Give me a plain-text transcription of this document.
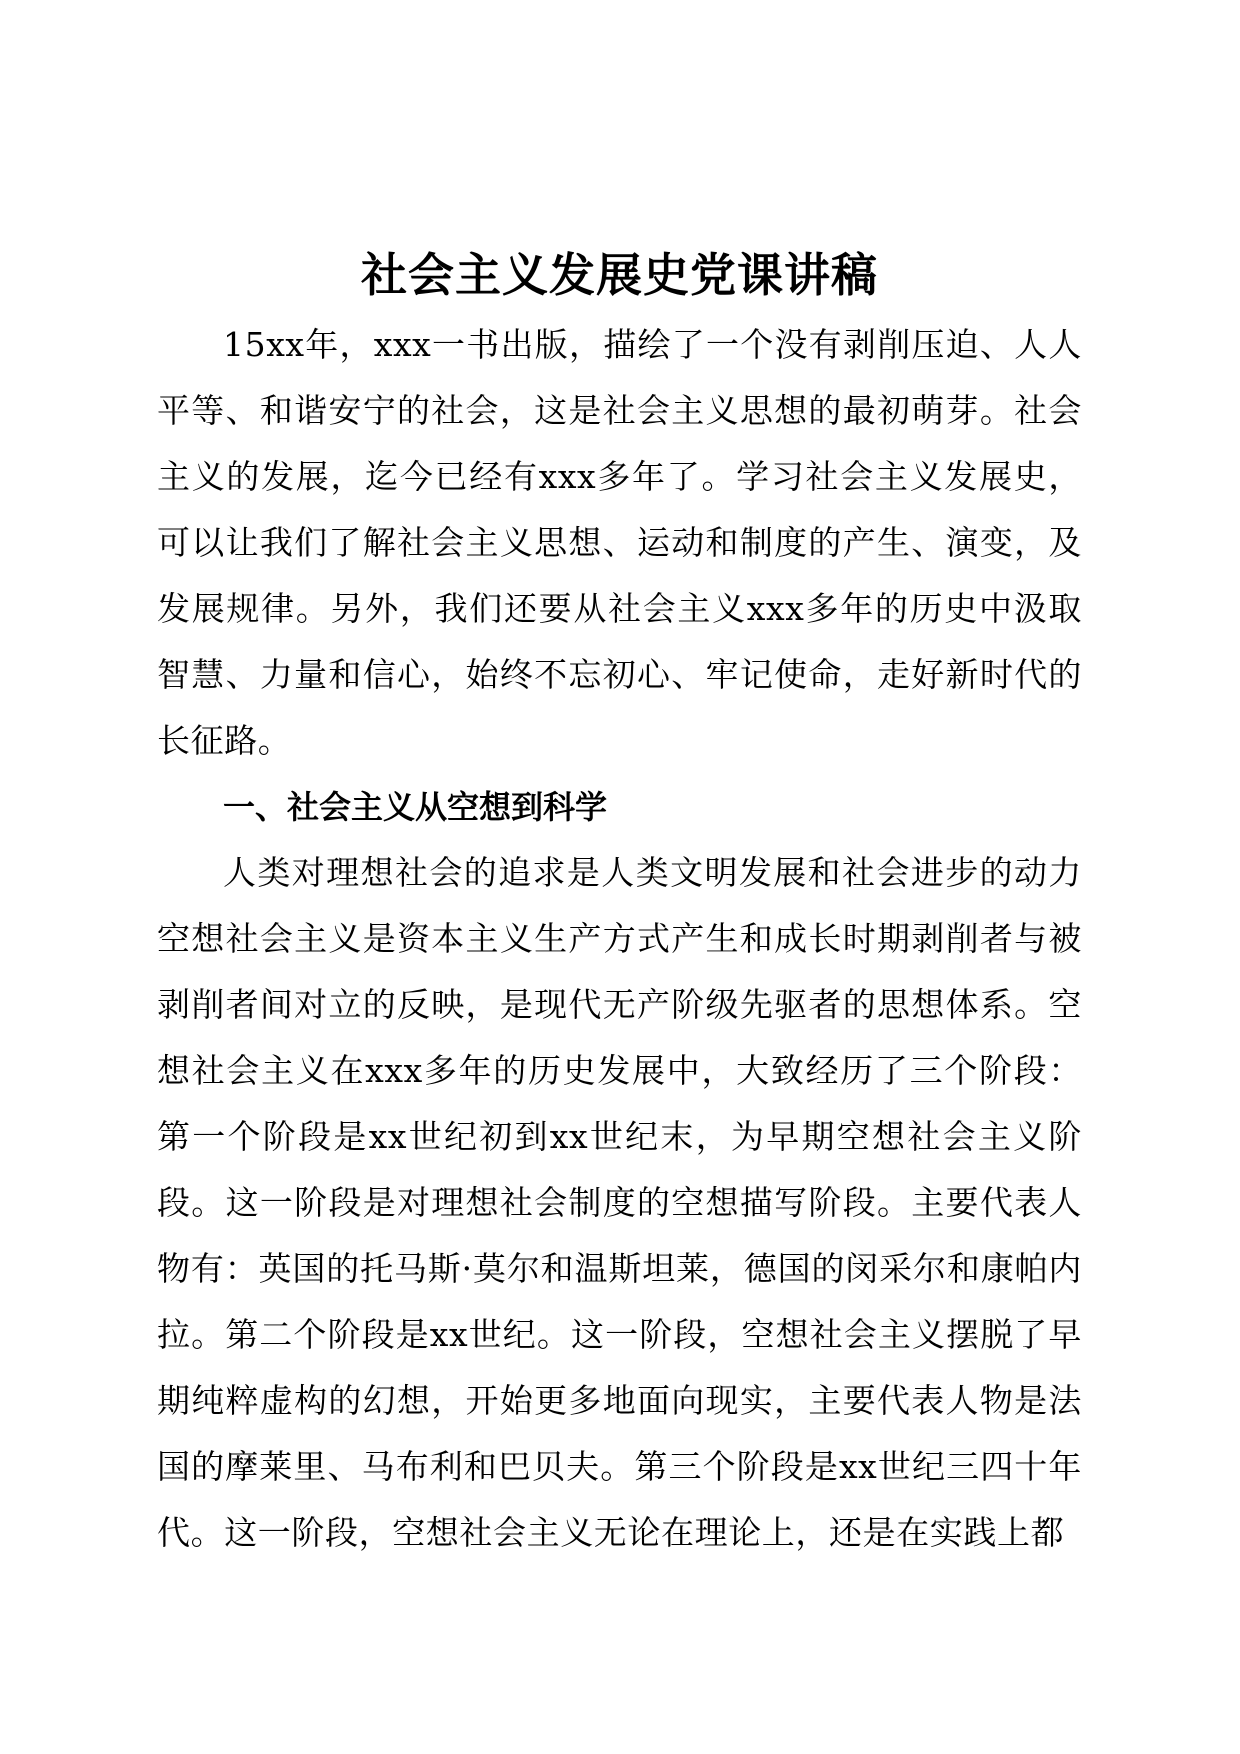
社会主义发展史党课讲稿

15xx年，xxx一书出版，描绘了一个没有剥削压迫、人人平等、和谐安宁的社会，这是社会主义思想的最初萌芽。社会主义的发展，迄今已经有xxx多年了。学习社会主义发展史，可以让我们了解社会主义思想、运动和制度的产生、演变，及发展规律。另外，我们还要从社会主义xxx多年的历史中汲取智慧、力量和信心，始终不忘初心、牢记使命，走好新时代的长征路。

一、社会主义从空想到科学

人类对理想社会的追求是人类文明发展和社会进步的动力空想社会主义是资本主义生产方式产生和成长时期剥削者与被剥削者间对立的反映，是现代无产阶级先驱者的思想体系。空想社会主义在xxx多年的历史发展中，大致经历了三个阶段：第一个阶段是xx世纪初到xx世纪末，为早期空想社会主义阶段。这一阶段是对理想社会制度的空想描写阶段。主要代表人物有：英国的托马斯·莫尔和温斯坦莱，德国的闵采尔和康帕内拉。第二个阶段是xx世纪。这一阶段，空想社会主义摆脱了早期纯粹虚构的幻想，开始更多地面向现实，主要代表人物是法国的摩莱里、马布利和巴贝夫。第三个阶段是xx世纪三四十年代。这一阶段，空想社会主义无论在理论上，还是在实践上都
